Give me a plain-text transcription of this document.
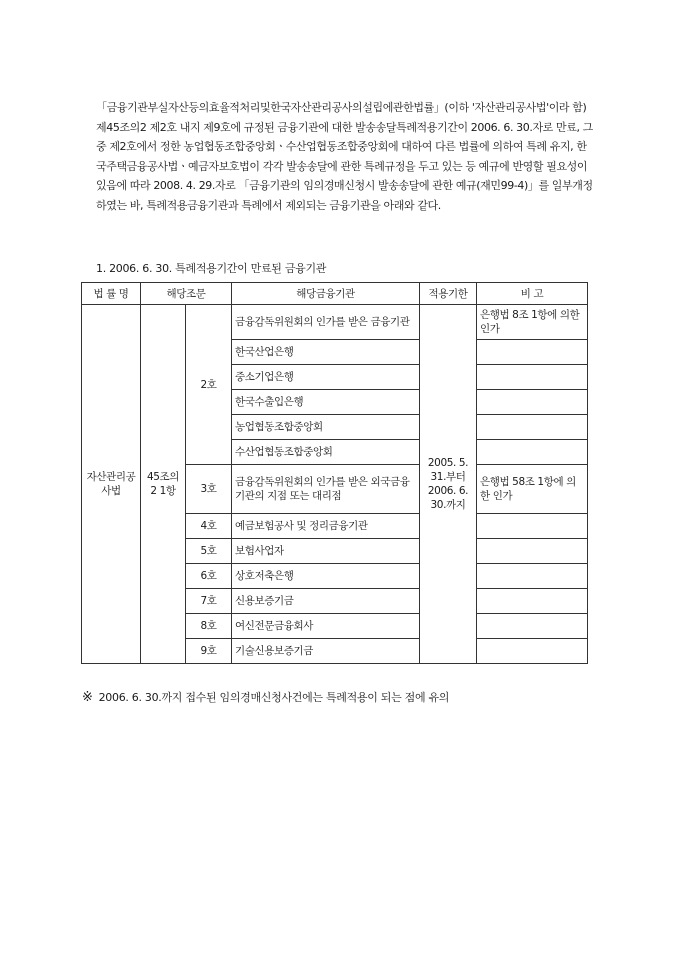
「금융기관부실자산등의효율적처리및한국자산관리공사의설립에관한법률」(이하 '자산관리공사법'이라 함) 제45조의2 제2호 내지 제9호에 규정된 금융기관에 대한 발송송달특례적용기간이 2006. 6. 30.자로 만료, 그 중 제2호에서 정한 농업협동조합중앙회ㆍ수산업협동조합중앙회에 대하여 다른 법률에 의하여 특례 유지, 한국주택금융공사법ㆍ예금자보호법이 각각 발송송달에 관한 특례규정을 두고 있는 등 예규에 반영할 필요성이 있음에 따라 2008. 4. 29.자로 「금융기관의 임의경매신청시 발송송달에 관한 예규(재민99-4)」를 일부개정하였는 바, 특례적용금융기관과 특례에서 제외되는 금융기관을 아래와 같다.

1. 2006. 6. 30. 특례적용기간이 만료된 금융기관
법 률 명	해당조문		해당금융기관	적용기한	비 고
자산관리공사법	45조의2 1항	2호	금융감독위원회의 인가를 받은 금융기관	2005. 5. 31.부터 2006. 6. 30.까지	은행법 8조 1항에 의한 인가
			한국산업은행		
			중소기업은행		
			한국수출입은행		
			농업협동조합중앙회		
			수산업협동조합중앙회		
		3호	금융감독위원회의 인가를 받은 외국금융기관의 지점 또는 대리점		은행법 58조 1항에 의한 인가
		4호	예금보험공사 및 정리금융기관		
		5호	보험사업자		
		6호	상호저축은행		
		7호	신용보증기금		
		8호	여신전문금융회사		
		9호	기술신용보증기금		
※ 2006. 6. 30.까지 접수된 임의경매신청사건에는 특례적용이 되는 점에 유의
